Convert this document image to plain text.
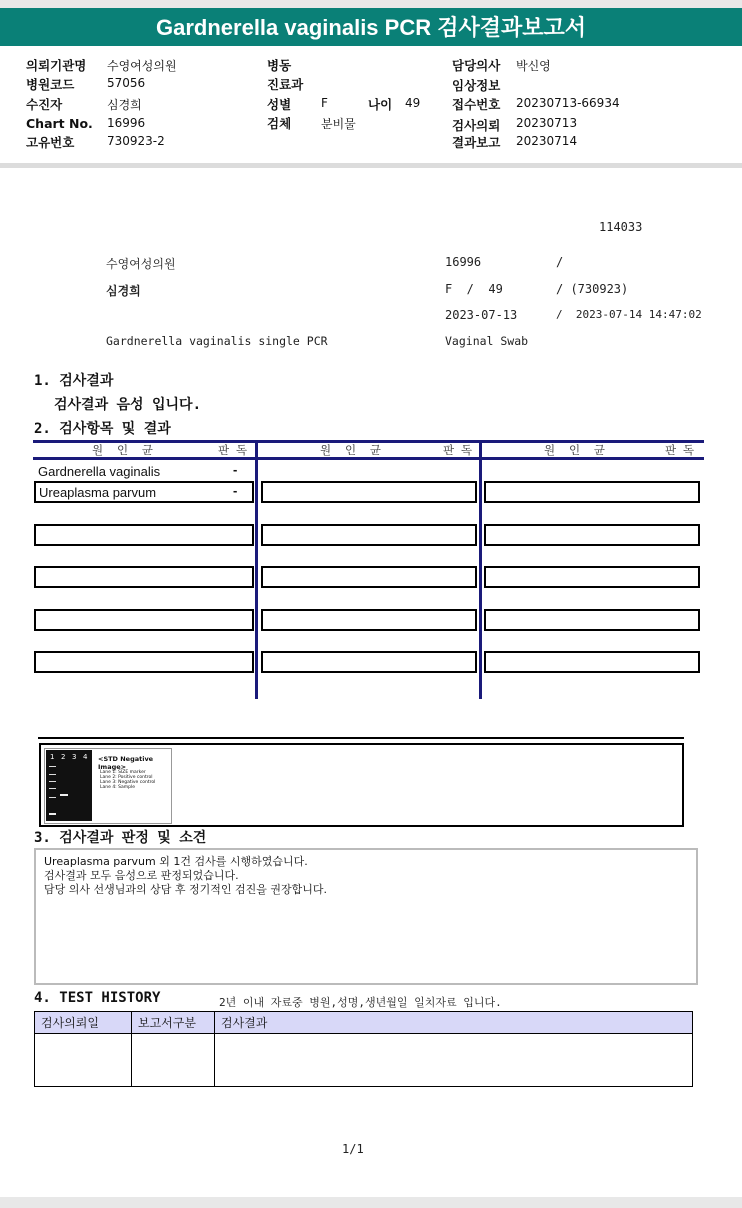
Gardnerella vaginalis PCR 검사결과보고서
의뢰기관명 수영여성의원
병원코드	57056
수진자	심경희
Chart No. 16996
고유번호	730923-2
병동
진료과
성별 F	나이 49
검체 분비물
담당의사 박신영
임상정보
접수번호 20230713-66934
검사의뢰 20230713
결과보고 20230714
114033
수영여성의원	16996	/
심경희	F  /  49	/ (730923)
2023-07-13	/  2023-07-14 14:47:02
Gardnerella vaginalis single PCR	Vaginal Swab
1. 검사결과
검사결과 음성 입니다.
2. 검사항목 및 결과
원  인  균	판 독	원  인  균	판 독	원  인  균	판 독
Gardnerella vaginalis	-
Ureaplasma parvum	-
1 2 3 4 <STD Negative Image>
Lane 1: SIZE marker
Lane 2: Positive control
Lane 3: Negative control
Lane 4: Sample
3. 검사결과 판정 및 소견
Ureaplasma parvum 외 1건 검사를 시행하였습니다.
검사결과 모두 음성으로 판정되었습니다.
담당 의사 선생님과의 상담 후 정기적인 검진을 권장합니다.
4. TEST HISTORY	2년 이내 자료중 병원,성명,생년월일 일치자료 입니다.
검사의뢰일	보고서구분	검사결과

1/1
